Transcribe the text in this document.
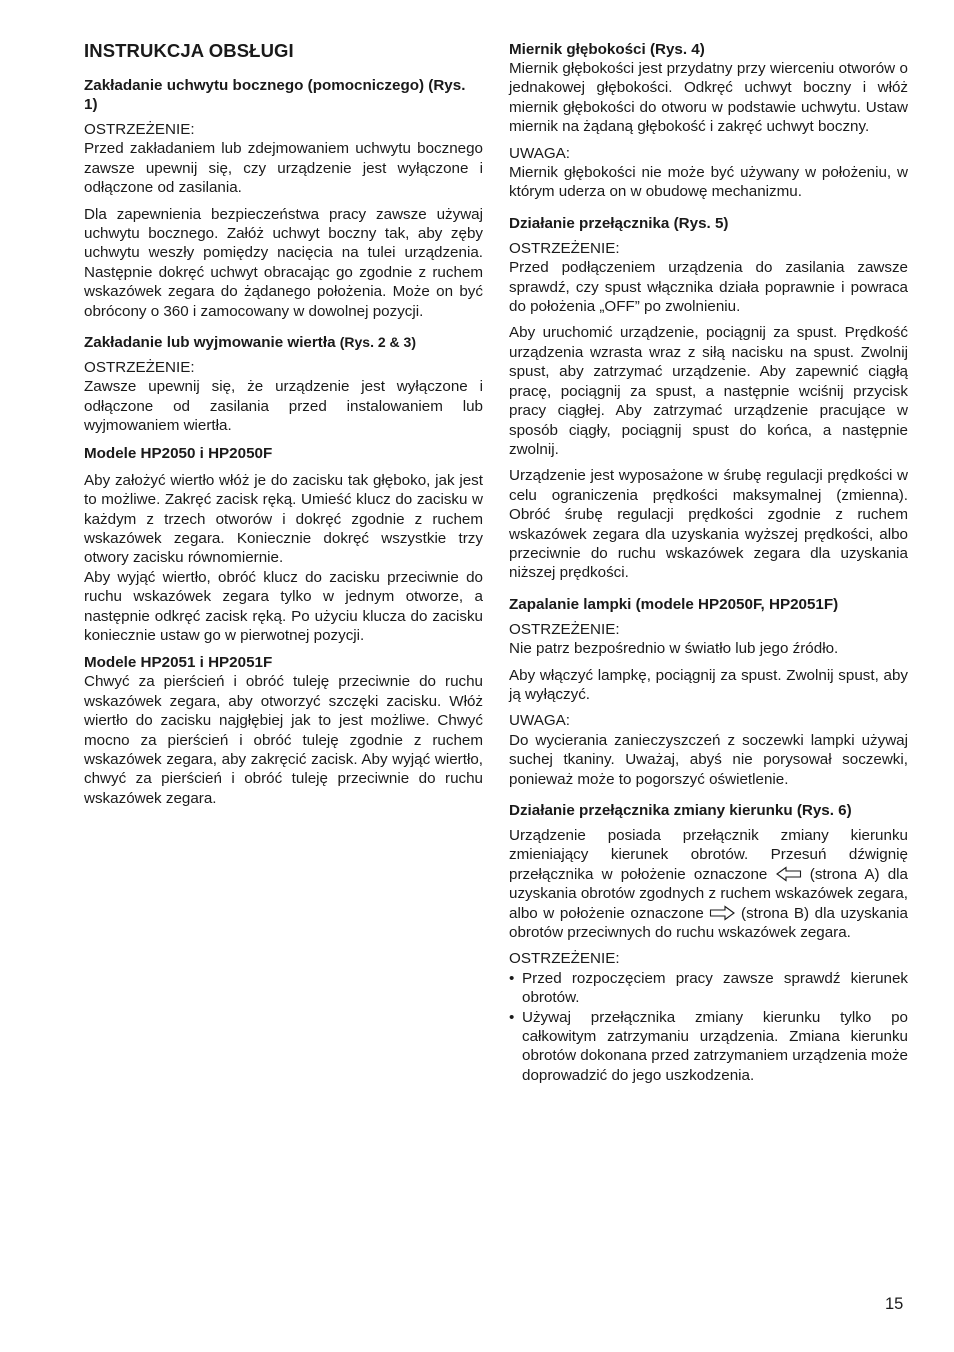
INSTRUKCJA OBSŁUGI
Zakładanie uchwytu bocznego (pomocniczego) (Rys. 1)
OSTRZEŻENIE:

Przed zakładaniem lub zdejmowaniem uchwytu bocznego zawsze upewnij się, czy urządzenie jest wyłączone i odłączone od zasilania.

Dla zapewnienia bezpieczeństwa pracy zawsze używaj uchwytu bocznego. Załóż uchwyt boczny tak, aby zęby uchwytu weszły pomiędzy nacięcia na tulei urządzenia. Następnie dokręć uchwyt obracając go zgodnie z ruchem wskazówek zegara do żądanego położenia. Może on być obrócony o 360 i zamocowany w dowolnej pozycji.

Zakładanie lub wyjmowanie wiertła (Rys. 2 & 3)
OSTRZEŻENIE:

Zawsze upewnij się, że urządzenie jest wyłączone i odłączone od zasilania przed instalowaniem lub wyjmowaniem wiertła.

Modele HP2050 i HP2050F

Aby założyć wiertło włóż je do zacisku tak głęboko, jak jest to możliwe. Zakręć zacisk ręką. Umieść klucz do zacisku w każdym z trzech otworów i dokręć zgodnie z ruchem wskazówek zegara. Koniecznie dokręć wszystkie trzy otwory zacisku równomiernie.

Aby wyjąć wiertło, obróć klucz do zacisku przeciwnie do ruchu wskazówek zegara tylko w jednym otworze, a następnie odkręć zacisk ręką. Po użyciu klucza do zacisku koniecznie ustaw go w pierwotnej pozycji.

Modele HP2051 i HP2051F

Chwyć za pierścień i obróć tuleję przeciwnie do ruchu wskazówek zegara, aby otworzyć szczęki zacisku. Włóż wiertło do zacisku najgłębiej jak to jest możliwe. Chwyć mocno za pierścień i obróć tuleję zgodnie z ruchem wskazówek zegara, aby zakręcić zacisk. Aby wyjąć wiertło, chwyć za pierścień i obróć tuleję przeciwnie do ruchu wskazówek zegara.

Miernik głębokości (Rys. 4)

Miernik głębokości jest przydatny przy wierceniu otworów o jednakowej głębokości. Odkręć uchwyt boczny i włóż miernik głębokości do otworu w podstawie uchwytu. Ustaw miernik na żądaną głębokość i zakręć uchwyt boczny.

UWAGA:

Miernik głębokości nie może być używany w położeniu, w którym uderza on w obudowę mechanizmu.

Działanie przełącznika (Rys. 5)
OSTRZEŻENIE:

Przed podłączeniem urządzenia do zasilania zawsze sprawdź, czy spust włącznika działa poprawnie i powraca do położenia „OFF” po zwolnieniu.

Aby uruchomić urządzenie, pociągnij za spust. Prędkość urządzenia wzrasta wraz z siłą nacisku na spust. Zwolnij spust, aby zatrzymać urządzenie. Aby zapewnić ciągłą pracę, pociągnij za spust, a następnie wciśnij przycisk pracy ciągłej. Aby zatrzymać urządzenie pracujące w sposób ciągły, pociągnij spust do końca, a następnie zwolnij.

Urządzenie jest wyposażone w śrubę regulacji prędkości w celu ograniczenia prędkości maksymalnej (zmienna). Obróć śrubę regulacji prędkości zgodnie z ruchem wskazówek zegara dla uzyskania wyższej prędkości, albo przeciwnie do ruchu wskazówek zegara dla uzyskania niższej prędkości.

Zapalanie lampki (modele HP2050F, HP2051F)
OSTRZEŻENIE:

Nie patrz bezpośrednio w światło lub jego źródło.

Aby włączyć lampkę, pociągnij za spust. Zwolnij spust, aby ją wyłączyć.

UWAGA:

Do wycierania zanieczyszczeń z soczewki lampki używaj suchej tkaniny. Uważaj, abyś nie porysował soczewki, ponieważ może to pogorszyć oświetlenie.

Działanie przełącznika zmiany kierunku (Rys. 6)

Urządzenie posiada przełącznik zmiany kierunku zmieniający kierunek obrotów. Przesuń dźwignię przełącznika w położenie oznaczone	(strona A) dla uzyskania obrotów zgodnych z ruchem wskazówek zegara, albo w położenie oznaczone (strona B) dla uzyskania obrotów przeciwnych do ruchu wskazówek zegara.

OSTRZEŻENIE:
• Przed rozpoczęciem pracy zawsze sprawdź kierunek obrotów.
• Używaj przełącznika zmiany kierunku tylko po całkowitym zatrzymaniu urządzenia. Zmiana kierunku obrotów dokonana przed zatrzymaniem urządzenia może doprowadzić do jego uszkodzenia.
15
